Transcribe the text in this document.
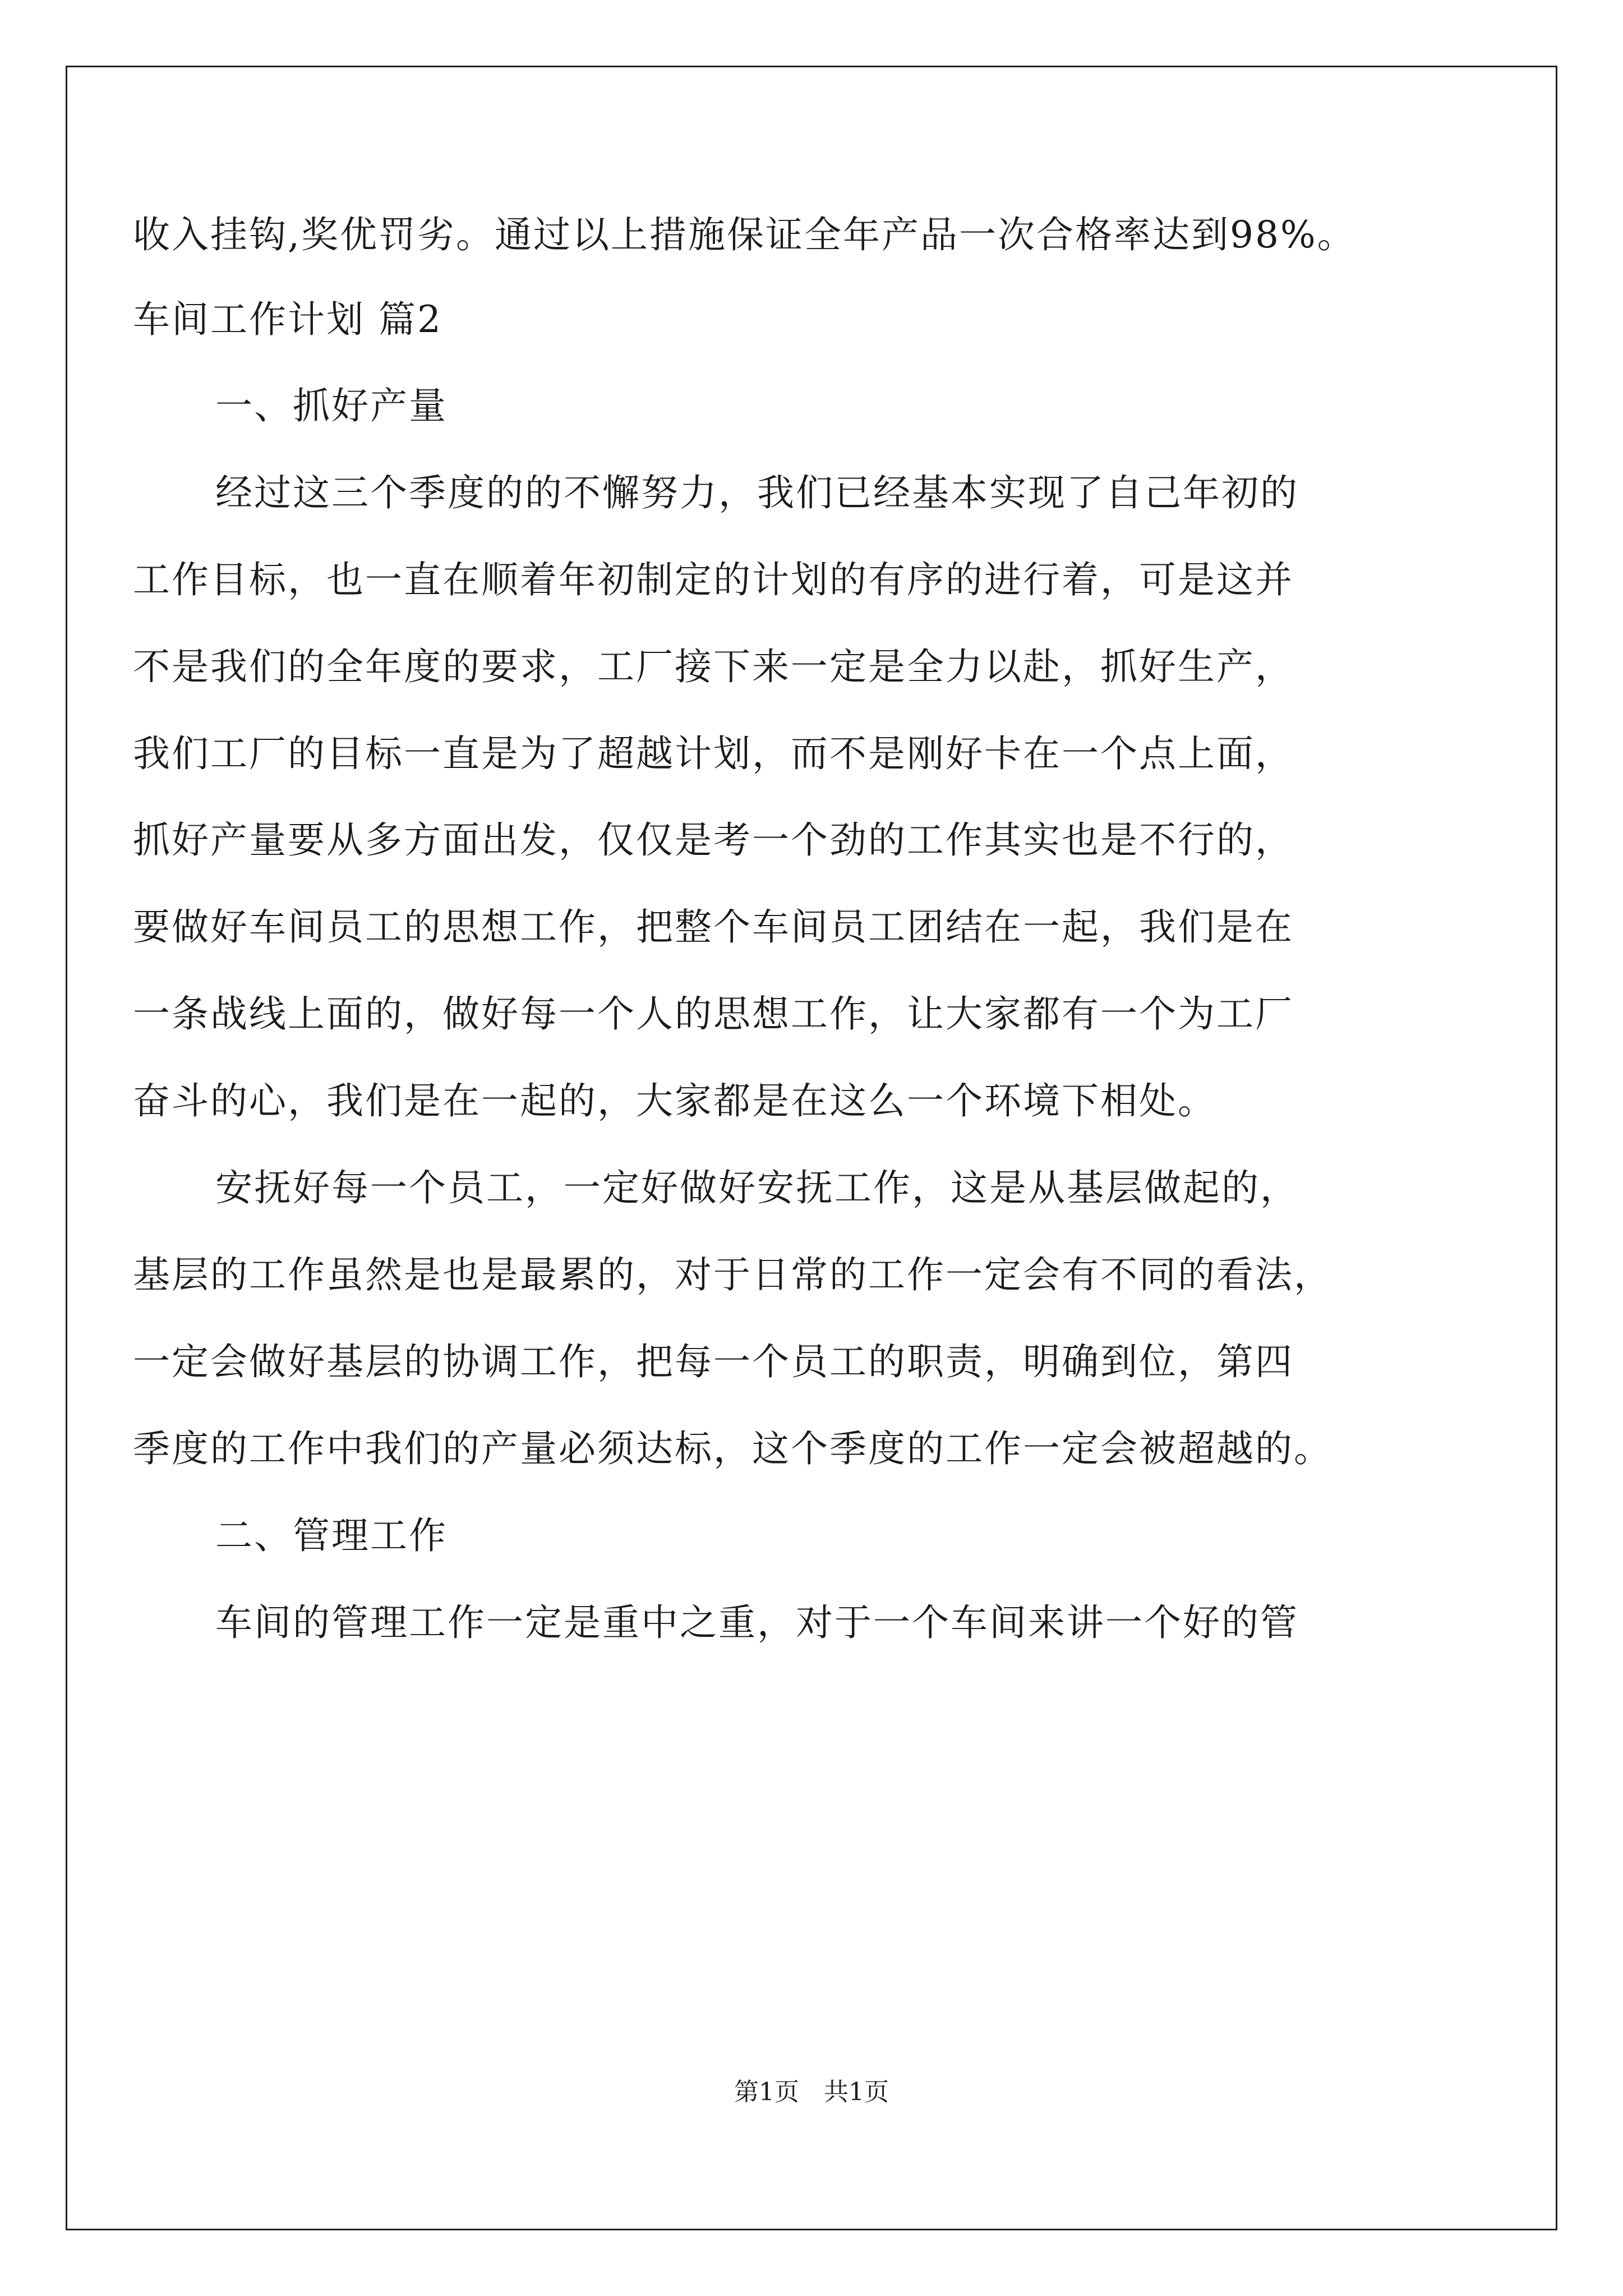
收入挂钩,奖优罚劣。通过以上措施保证全年产品一次合格率达到98%。
车间工作计划 篇2
一、抓好产量
经过这三个季度的的不懈努力，我们已经基本实现了自己年初的
工作目标，也一直在顺着年初制定的计划的有序的进行着，可是这并
不是我们的全年度的要求，工厂接下来一定是全力以赴，抓好生产，
我们工厂的目标一直是为了超越计划，而不是刚好卡在一个点上面，
抓好产量要从多方面出发，仅仅是考一个劲的工作其实也是不行的，
要做好车间员工的思想工作，把整个车间员工团结在一起，我们是在
一条战线上面的，做好每一个人的思想工作，让大家都有一个为工厂
奋斗的心，我们是在一起的，大家都是在这么一个环境下相处。
安抚好每一个员工，一定好做好安抚工作，这是从基层做起的，
基层的工作虽然是也是最累的，对于日常的工作一定会有不同的看法，
一定会做好基层的协调工作，把每一个员工的职责，明确到位，第四
季度的工作中我们的产量必须达标，这个季度的工作一定会被超越的。
二、管理工作
车间的管理工作一定是重中之重，对于一个车间来讲一个好的管
第1页　共1页
